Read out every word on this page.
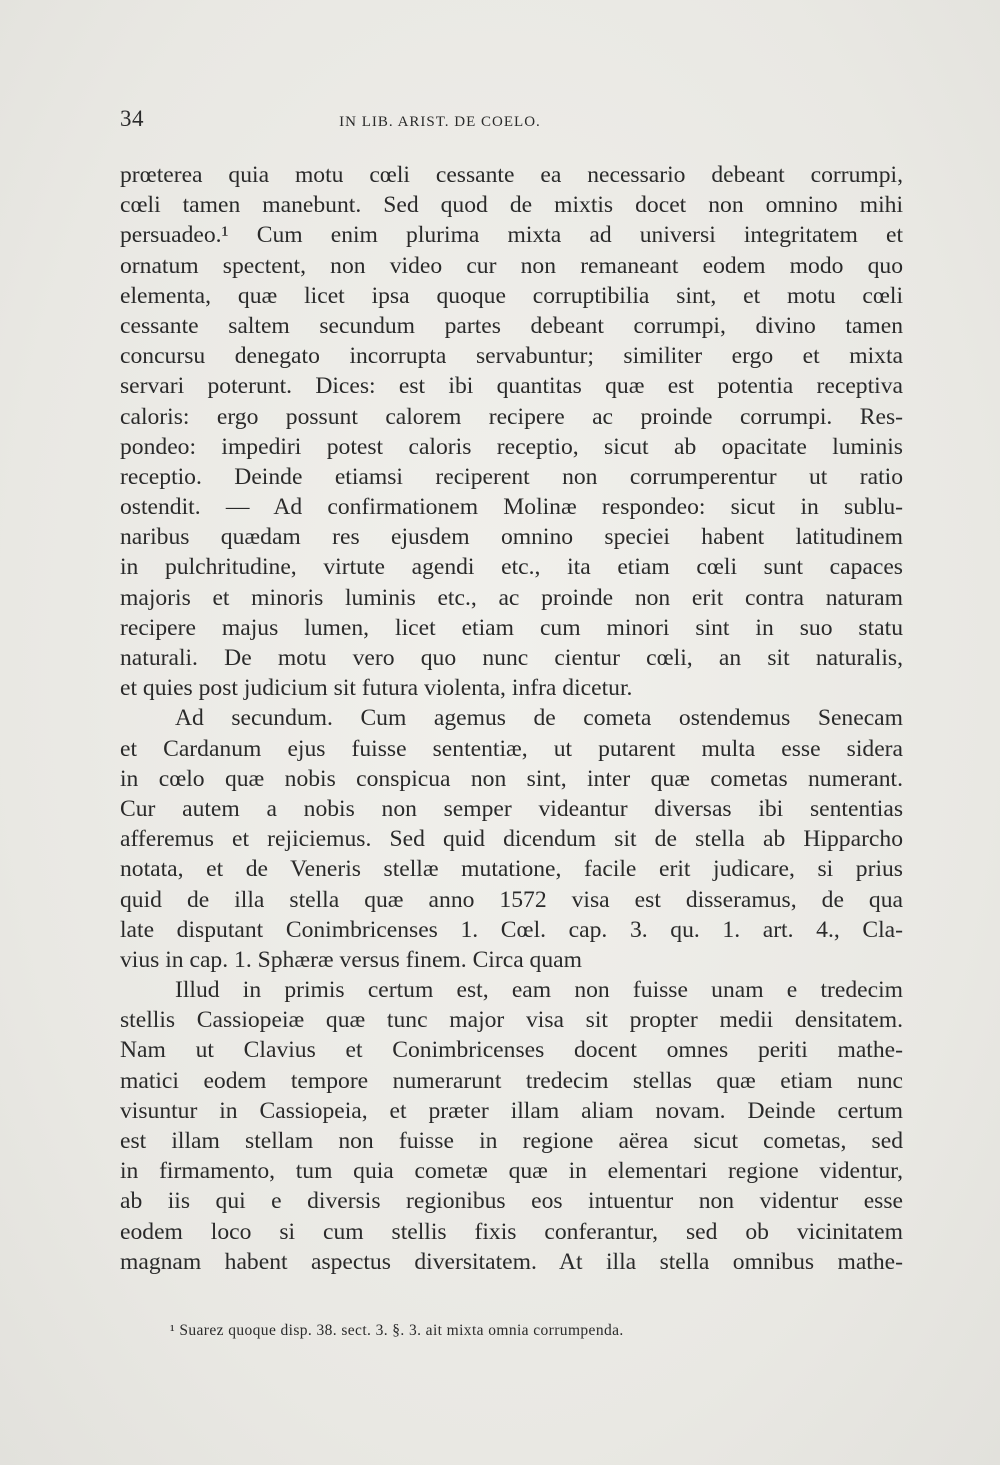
34	IN LIB. ARIST. DE COELO.
prœterea quia motu cœli cessante ea necessario debeant corrumpi,
cœli tamen manebunt. Sed quod de mixtis docet non omnino mihi
persuadeo.¹ Cum enim plurima mixta ad universi integritatem et
ornatum spectent, non video cur non remaneant eodem modo quo
elementa, quæ licet ipsa quoque corruptibilia sint, et motu cœli
cessante saltem secundum partes debeant corrumpi, divino tamen
concursu denegato incorrupta servabuntur; similiter ergo et mixta
servari poterunt. Dices: est ibi quantitas quæ est potentia receptiva
caloris: ergo possunt calorem recipere ac proinde corrumpi. Res-
pondeo: impediri potest caloris receptio, sicut ab opacitate luminis
receptio. Deinde etiamsi reciperent non corrumperentur ut ratio
ostendit. — Ad confirmationem Molinæ respondeo: sicut in sublu-
naribus quædam res ejusdem omnino speciei habent latitudinem
in pulchritudine, virtute agendi etc., ita etiam cœli sunt capaces
majoris et minoris luminis etc., ac proinde non erit contra naturam
recipere majus lumen, licet etiam cum minori sint in suo statu
naturali. De motu vero quo nunc cientur cœli, an sit naturalis,
et quies post judicium sit futura violenta, infra dicetur.
Ad secundum. Cum agemus de cometa ostendemus Senecam
et Cardanum ejus fuisse sententiæ, ut putarent multa esse sidera
in cœlo quæ nobis conspicua non sint, inter quæ cometas numerant.
Cur autem a nobis non semper videantur diversas ibi sententias
afferemus et rejiciemus. Sed quid dicendum sit de stella ab Hipparcho
notata, et de Veneris stellæ mutatione, facile erit judicare, si prius
quid de illa stella quæ anno 1572 visa est disseramus, de qua
late disputant Conimbricenses 1. Cœl. cap. 3. qu. 1. art. 4., Cla-
vius in cap. 1. Sphæræ versus finem. Circa quam
Illud in primis certum est, eam non fuisse unam e tredecim
stellis Cassiopeiæ quæ tunc major visa sit propter medii densitatem.
Nam ut Clavius et Conimbricenses docent omnes periti mathe-
matici eodem tempore numerarunt tredecim stellas quæ etiam nunc
visuntur in Cassiopeia, et præter illam aliam novam. Deinde certum
est illam stellam non fuisse in regione aërea sicut cometas, sed
in firmamento, tum quia cometæ quæ in elementari regione videntur,
ab iis qui e diversis regionibus eos intuentur non videntur esse
eodem loco si cum stellis fixis conferantur, sed ob vicinitatem
magnam habent aspectus diversitatem. At illa stella omnibus mathe-
¹ Suarez quoque disp. 38. sect. 3. §. 3. ait mixta omnia corrumpenda.
